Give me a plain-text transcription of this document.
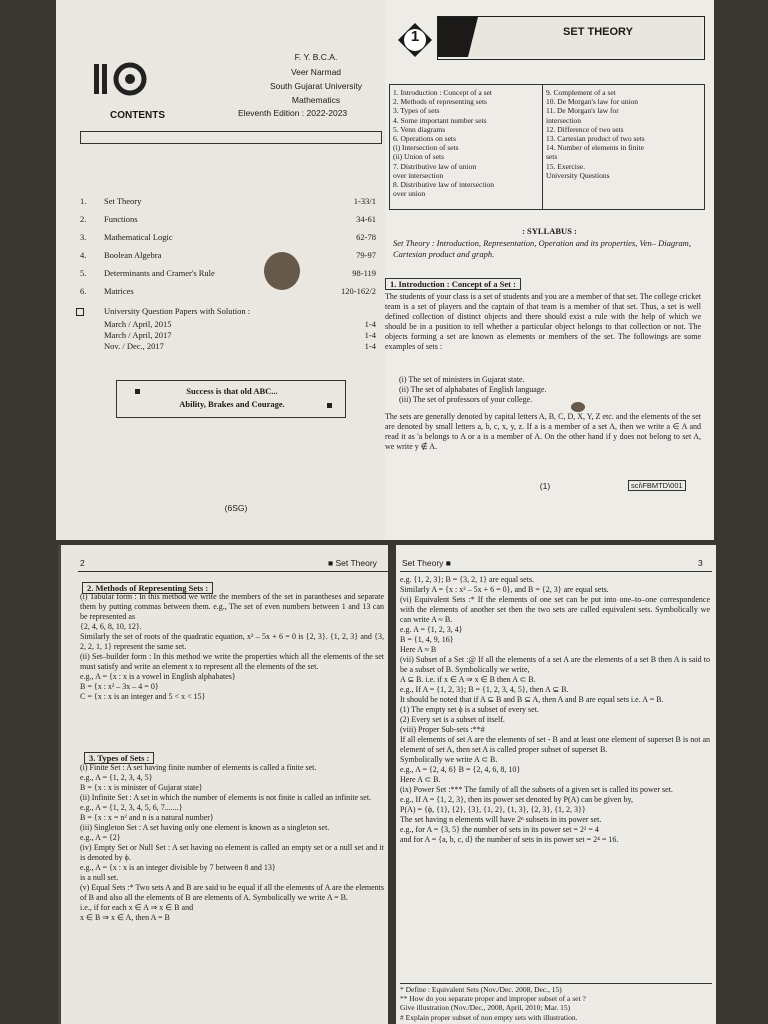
F. Y. B.C.A.
Veer Narmad
South Gujarat University
Mathematics
CONTENTS	Eleventh Edition : 2022-2023
1. Set Theory	1-33/1
2. Functions	34-61
3. Mathematical Logic	62-78
4. Boolean Algebra	79-97
5. Determinants and Cramer's Rule	98-119
6. Matrices	120-162/2
University Question Papers with Solution :
March / April, 2015	1-4
March / April, 2017	1-4
Nov. / Dec., 2017	1-4
Success is that old ABC...
Ability, Brakes and Courage.
(6SG)
1	SET THEORY
1. Introduction : Concept of a set
2. Methods of representing sets
3. Types of sets
4. Some important number sets
5. Venn diagrams
6. Operations on sets
(i) Intersection of sets
(ii) Union of sets
7. Distributive law of union
over intersection
8. Distributive law of intersection
over union
9. Complement of a set
10. De Morgan's law for union
11. De Morgan's law for
intersection
12. Difference of two sets
13. Cartesian product of two sets
14. Number of elements in finite
sets
15. Exercise.
University Questions
: SYLLABUS :
Set Theory : Introduction, Representation, Operation and its properties, Ven– Diagram, Cartesian product and graph.
1. Introduction : Concept of a Set :
The students of your class is a set of students and you are a member of that set. The college cricket team is a set of players and the captain of that team is a member of that set. Thus, a set is well defined collection of distinct objects and there should exist a rule with the help of which we should be in a position to tell whether a particular object belongs to that collection or not. The objects forming a set are known as elements or members of the set. The followings are some examples of sets :

(i) The set of ministers in Gujarat state.

(ii) The set of alphabates of English language.

(iii) The set of professors of your college.

The sets are generally denoted by capital letters A, B, C, D, X, Y, Z etc. and the elements of the set are denoted by small letters a, b, c, x, y, z. If a is a member of a set A, then we write a ∈ A and read it as 'a belongs to A or a is a member of A. On the other hand if y does not belong to set A, we write y ∉ A.
(1)	sci\FBMTD\001
2	■ Set Theory
2. Methods of Representing Sets :

(i) Tabular form : In this method we write the members of the set in parantheses and separate them by putting commas between them. e.g., The set of even numbers between 1 and 13 can be represented as

{2, 4, 6, 8, 10, 12}.

Similarly the set of roots of the quadratic equation, x² – 5x + 6 = 0 is {2, 3}. {1, 2, 3} and {3, 2, 2, 1, 1} represent the same set.

(ii) Set–builder form : In this method we write the properties which all the elements of the set must satisfy and write an element x to represent all the elements of the set.

e.g., A = {x : x is a vowel in English alphabates}

B = {x : x² – 3x – 4 = 0}

C = {x : x is an integer and 5 < x < 15}

3. Types of Sets :

(i) Finite Set : A set having finite number of elements is called a finite set.

e.g., A = {1, 2, 3, 4, 5}

B = {x : x is minister of Gujarat state}

(ii) Infinite Set : A set in which the number of elements is not finite is called an infinite set.

e.g., A = {1, 2, 3, 4, 5, 6, 7.......}

B = {x : x = n² and n is a natural number}

(iii) Singleton Set : A set having only one element is known as a singleton set.

e.g., A = {2}

(iv) Empty Set or Null Set : A set having no element is called an empty set or a null set and it is denoted by ϕ.

e.g., A = {x : x is an integer divisible by 7 between 8 and 13}

is a null set.

(v) Equal Sets :* Two sets A and B are said to be equal if all the elements of A are the elements of B and also all the elements of B are elements of A. Symbolically we write A = B.

i.e., if for each x ∈ A ⇒ x ∈ B and

x ∈ B ⇒ x ∈ A, then A = B

Set Theory ■	3

e.g. {1, 2, 3}; B = {3, 2, 1} are equal sets.

Similarly A = {x : x² – 5x + 6 = 0}, and B = {2, 3} are equal sets.

(vi) Equivalent Sets :* If the elements of one set can be put into one–to–one correspondence with the elements of another set then the two sets are called equivalent sets. Symbolically we can write A ≈ B.

e.g. A = {1, 2, 3, 4}

B = {1, 4, 9, 16}

Here A ≈ B

(vii) Subset of a Set :@ If all the elements of a set A are the elements of a set B then A is said to be a subset of B. Symbolically we write,

A ⊆ B. i.e. if x ∈ A ⇒ x ∈ B then A ⊂ B.

e.g., If A = {1, 2, 3}; B = {1, 2, 3, 4, 5}, then A ⊆ B.

It should be noted that if A ⊆ B and B ⊆ A, then A and B are equal sets i.e. A = B.

(1) The empty set ϕ is a subset of every set.

(2) Every set is a subset of itself.

(viii) Proper Sub-sets :**#

If all elements of set A are the elements of set - B and at least one element of superset B is not an element of set A, then set A is called proper subset of superset B.

Symbolically we write A ⊂ B.

e.g., A = {2, 4, 6} B = {2, 4, 6, 8, 10}

Here A ⊂ B.

(ix) Power Set :*** The family of all the subsets of a given set is called its power set.

e.g., If A = {1, 2, 3}, then its power set denoted by P(A) can be given by,

P(A) = {ϕ, {1}, {2}, {3}, {1, 2}, {1, 3}, {2, 3}, {1, 2, 3}}

The set having n elements will have 2ⁿ subsets in its power set.

e.g., for A = {3, 5} the number of sets in its power set = 2² = 4

and for A = {a, b, c, d} the number of sets in its power set = 2⁴ = 16.

* Define : Equivalent Sets (Nov./Dec. 2008, Dec., 15)
** How do you separate proper and improper subset of a set ?
Give illustration (Nov./Dec., 2008, April, 2010; Mar. 15)
# Explain proper subset of non empty sets with illustration.
